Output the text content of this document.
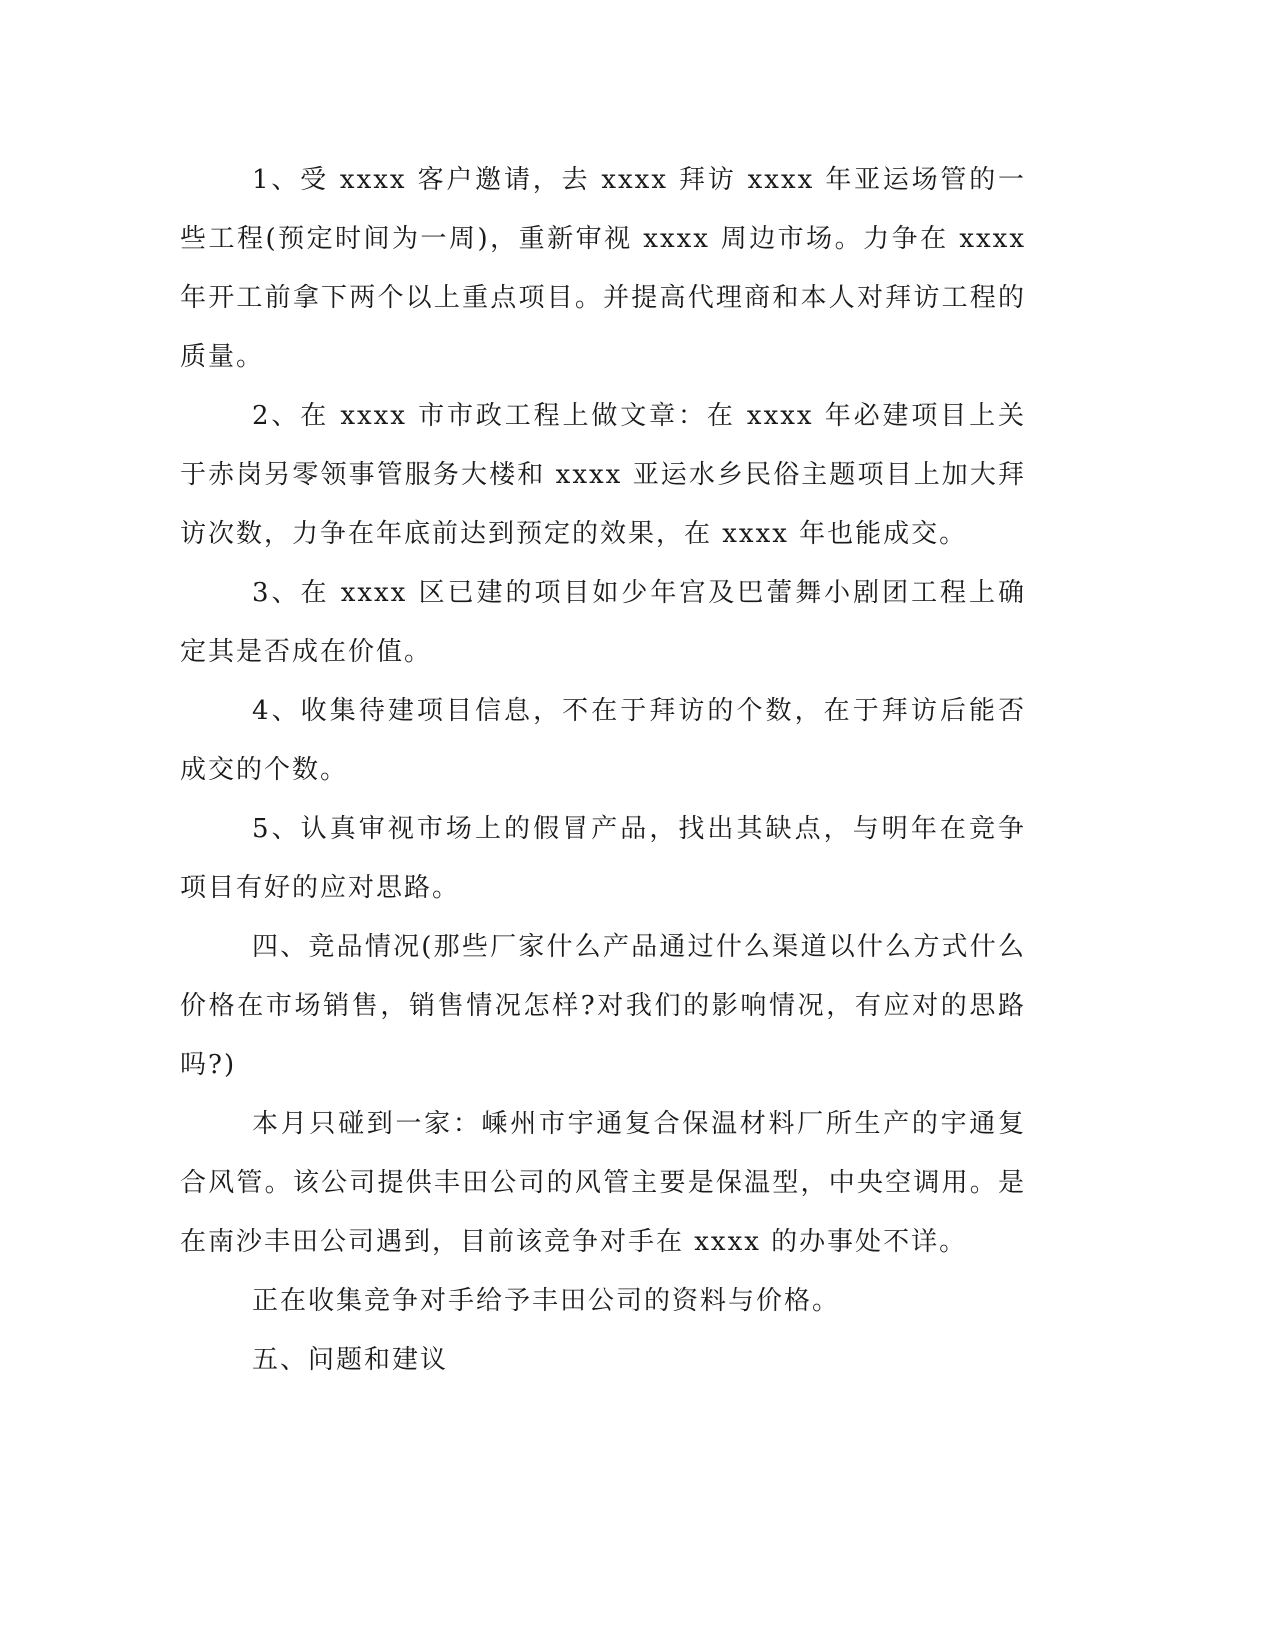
1、受 xxxx 客户邀请，去 xxxx 拜访 xxxx 年亚运场管的一些工程(预定时间为一周)，重新审视 xxxx 周边市场。力争在 xxxx 年开工前拿下两个以上重点项目。并提高代理商和本人对拜访工程的质量。

2、在 xxxx 市市政工程上做文章：在 xxxx 年必建项目上关于赤岗另零领事管服务大楼和 xxxx 亚运水乡民俗主题项目上加大拜访次数，力争在年底前达到预定的效果，在 xxxx 年也能成交。

3、在 xxxx 区已建的项目如少年宫及巴蕾舞小剧团工程上确定其是否成在价值。

4、收集待建项目信息，不在于拜访的个数，在于拜访后能否成交的个数。

5、认真审视市场上的假冒产品，找出其缺点，与明年在竞争项目有好的应对思路。

四、竞品情况(那些厂家什么产品通过什么渠道以什么方式什么价格在市场销售，销售情况怎样?对我们的影响情况，有应对的思路吗?)

本月只碰到一家：嵊州市宇通复合保温材料厂所生产的宇通复合风管。该公司提供丰田公司的风管主要是保温型，中央空调用。是在南沙丰田公司遇到，目前该竞争对手在 xxxx 的办事处不详。

正在收集竞争对手给予丰田公司的资料与价格。

五、问题和建议
